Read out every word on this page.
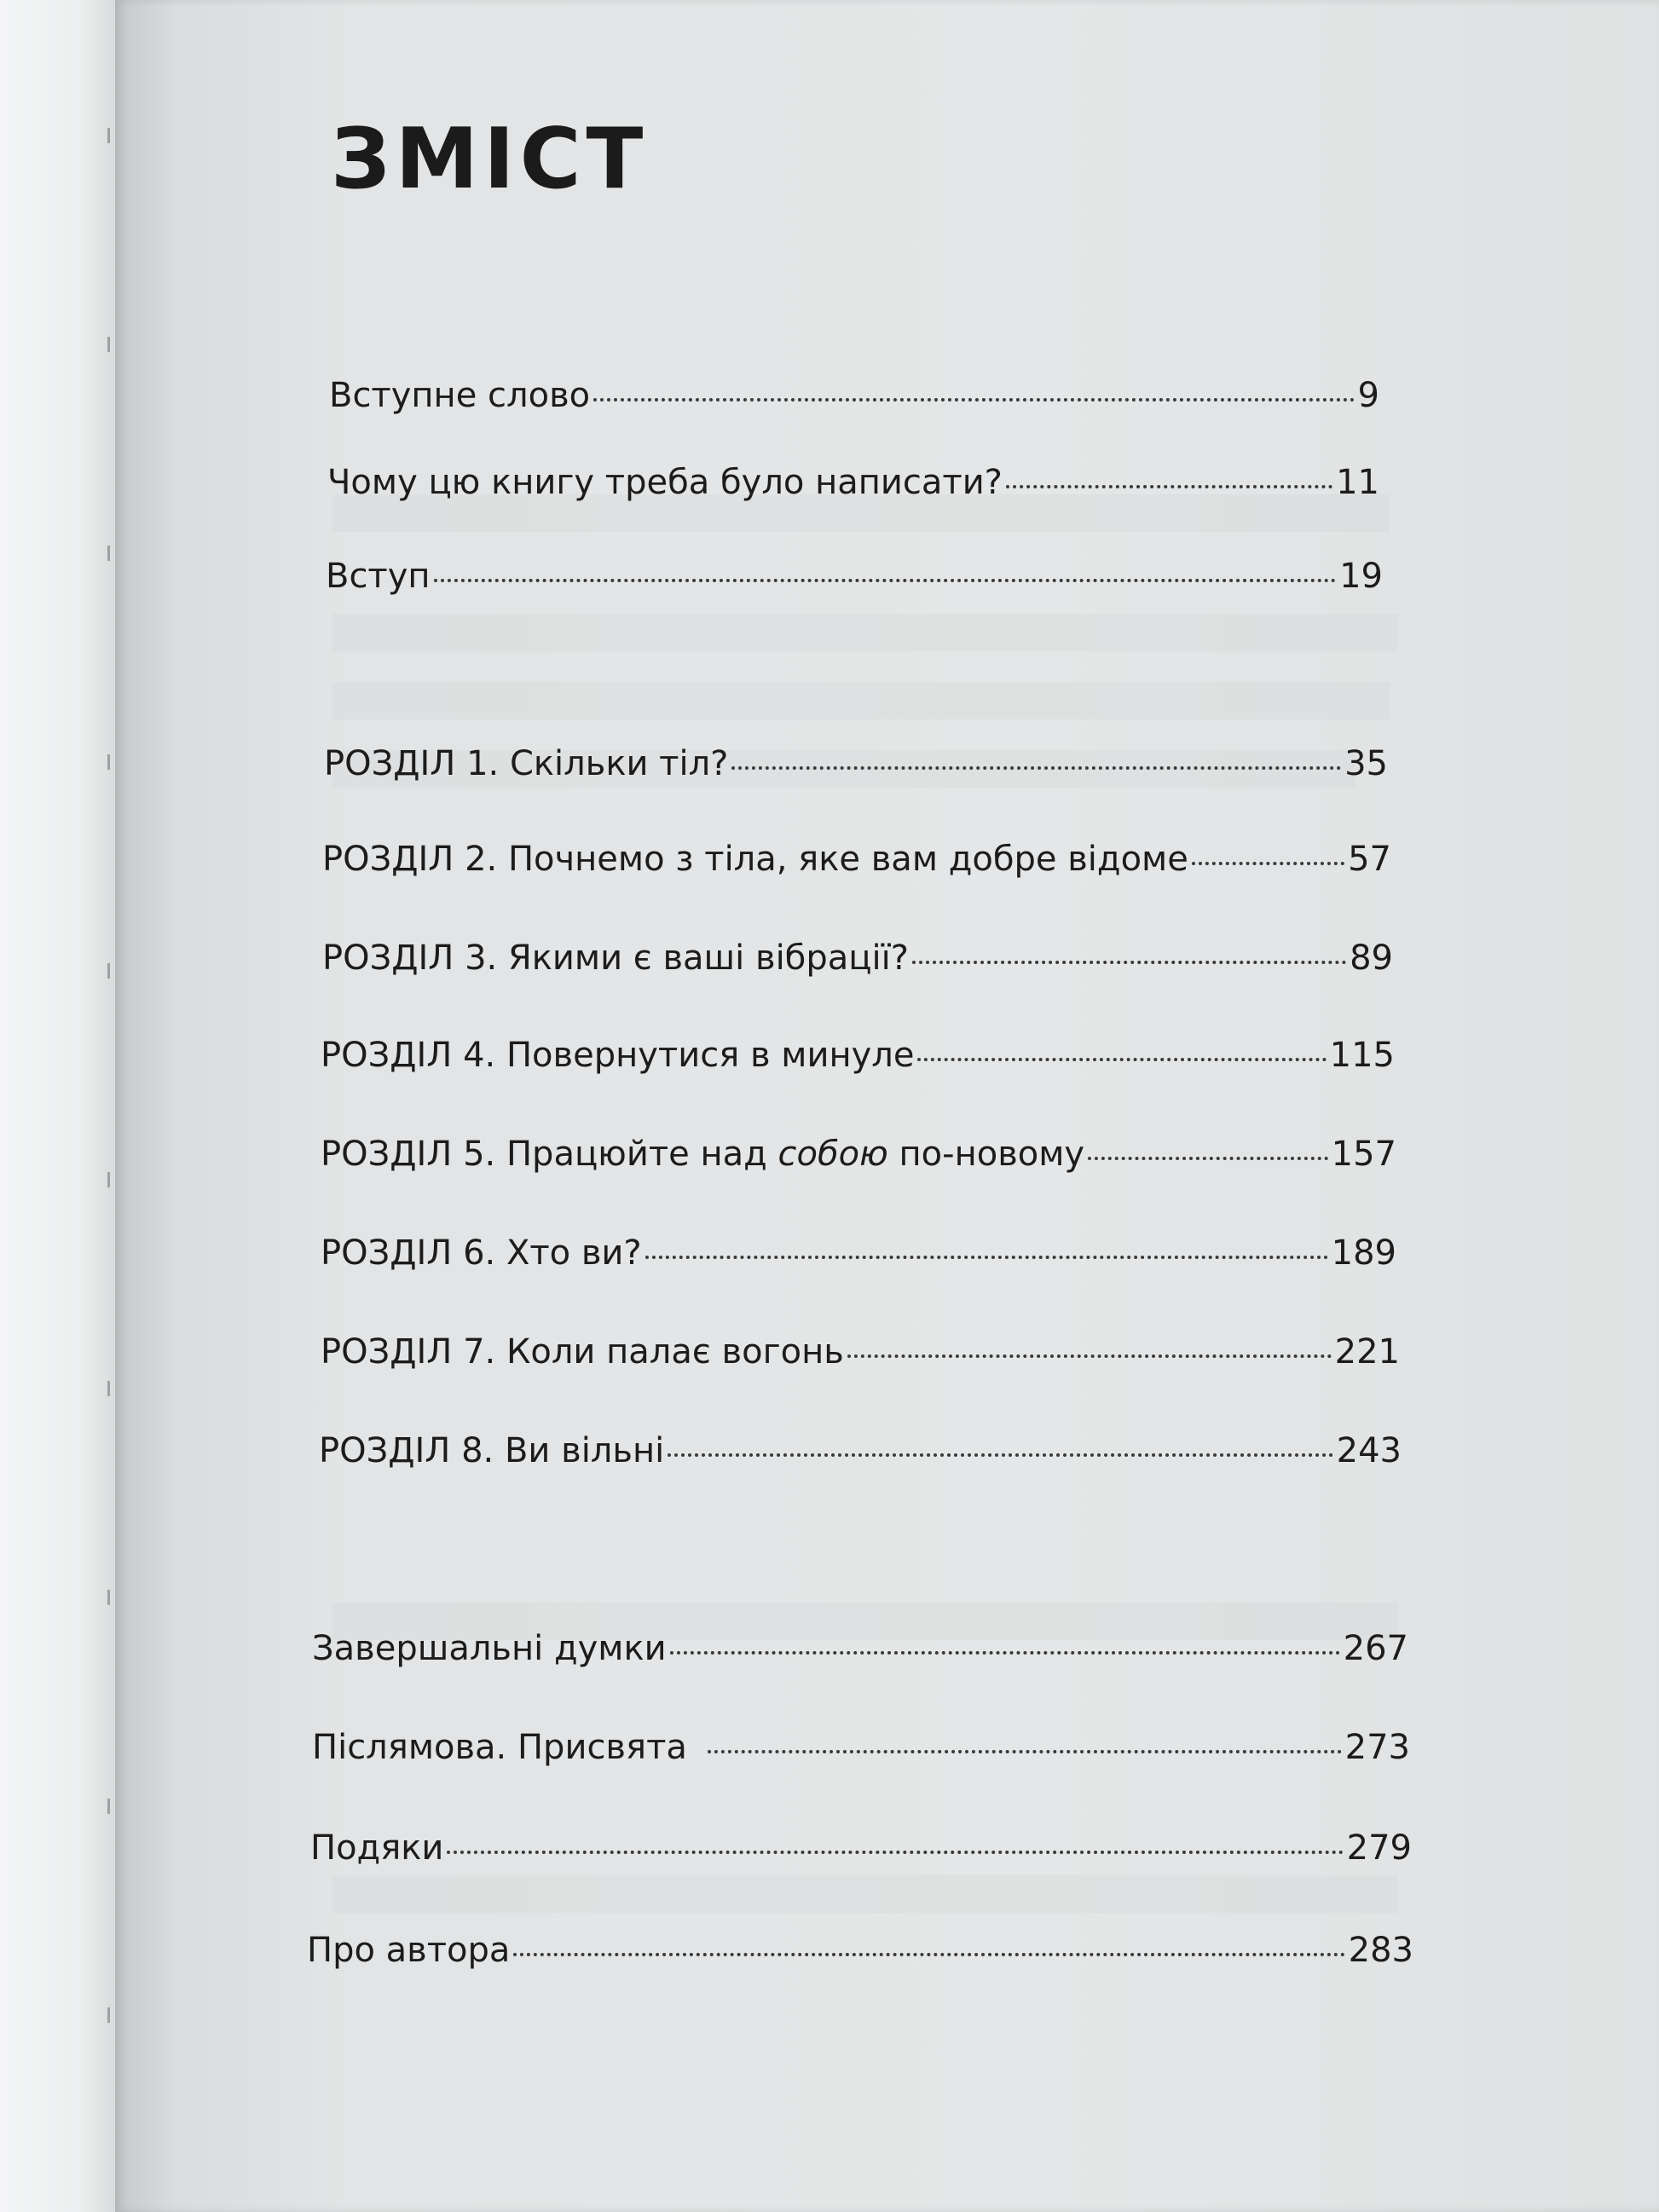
ЗМІСТ
Вступне слово	9
Чому цю книгу треба було написати?	11
Вступ	19
РОЗДІЛ 1. Скільки тіл?	35
РОЗДІЛ 2. Почнемо з тіла, яке вам добре відоме	57
РОЗДІЛ 3. Якими є ваші вібрації?	89
РОЗДІЛ 4. Повернутися в минуле	115
РОЗДІЛ 5. Працюйте над собою по-новому	157
РОЗДІЛ 6. Хто ви?	189
РОЗДІЛ 7. Коли палає вогонь	221
РОЗДІЛ 8. Ви вільні	243
Завершальні думки	267
Післямова. Присвята	273
Подяки	279
Про автора	283
